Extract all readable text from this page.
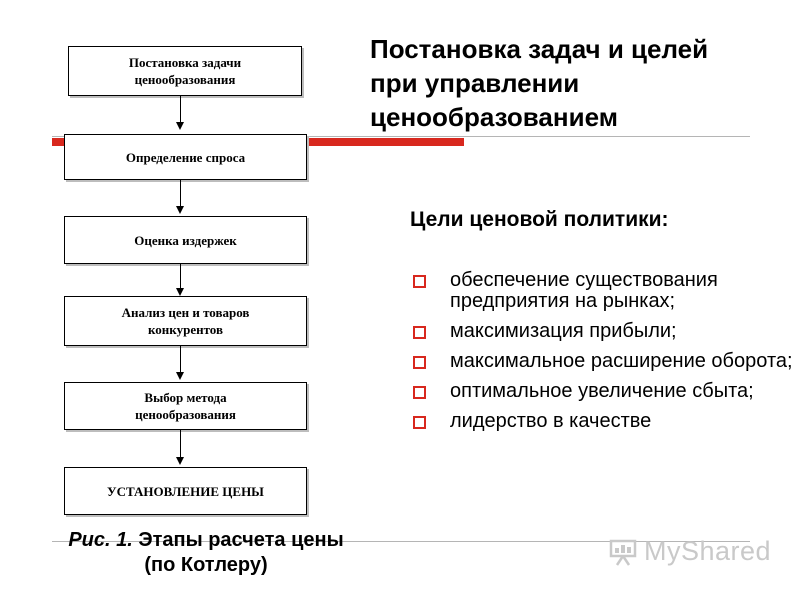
Постановка задачи ценообразования
Определение спроса
Оценка издержек
Анализ цен и товаров конкурентов
Выбор метода ценообразования
УСТАНОВЛЕНИЕ ЦЕНЫ
Постановка задач и целей
при управлении
ценообразованием
Цели ценовой политики:
обеспечение существования предприятия на рынках;
максимизация прибыли;
максимальное расширение оборота;
оптимальное увеличение сбыта;
лидерство в качестве
Рис. 1. Этапы расчета цены (по Котлеру)	MyShared
